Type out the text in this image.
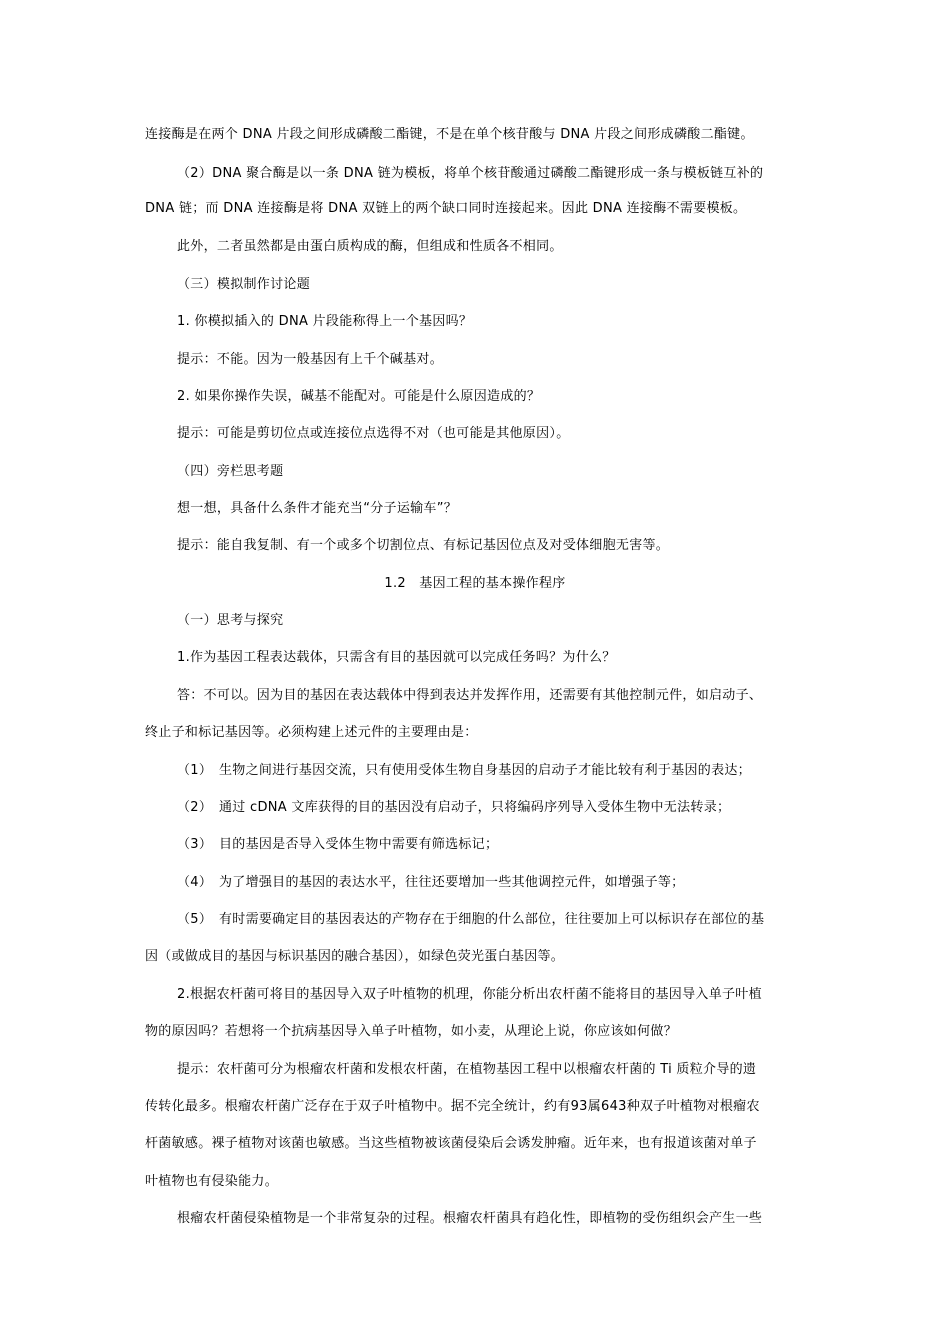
连接酶是在两个 DNA 片段之间形成磷酸二酯键，不是在单个核苷酸与 DNA 片段之间形成磷酸二酯键。
（2）DNA 聚合酶是以一条 DNA 链为模板，将单个核苷酸通过磷酸二酯键形成一条与模板链互补的
DNA 链；而 DNA 连接酶是将 DNA 双链上的两个缺口同时连接起来。因此 DNA 连接酶不需要模板。
此外，二者虽然都是由蛋白质构成的酶，但组成和性质各不相同。
（三）模拟制作讨论题
1. 你模拟插入的 DNA 片段能称得上一个基因吗？
提示：不能。因为一般基因有上千个碱基对。
2. 如果你操作失误，碱基不能配对。可能是什么原因造成的？
提示：可能是剪切位点或连接位点选得不对（也可能是其他原因）。
（四）旁栏思考题
想一想，具备什么条件才能充当“分子运输车”？
提示：能自我复制、有一个或多个切割位点、有标记基因位点及对受体细胞无害等。
1.2　基因工程的基本操作程序
（一）思考与探究
1.作为基因工程表达载体，只需含有目的基因就可以完成任务吗？为什么？
答：不可以。因为目的基因在表达载体中得到表达并发挥作用，还需要有其他控制元件，如启动子、
终止子和标记基因等。必须构建上述元件的主要理由是：
（1）　生物之间进行基因交流，只有使用受体生物自身基因的启动子才能比较有利于基因的表达；
（2）　通过 cDNA 文库获得的目的基因没有启动子，只将编码序列导入受体生物中无法转录；
（3）　目的基因是否导入受体生物中需要有筛选标记；
（4）　为了增强目的基因的表达水平，往往还要增加一些其他调控元件，如增强子等；
（5）　有时需要确定目的基因表达的产物存在于细胞的什么部位，往往要加上可以标识存在部位的基
因（或做成目的基因与标识基因的融合基因），如绿色荧光蛋白基因等。
2.根据农杆菌可将目的基因导入双子叶植物的机理，你能分析出农杆菌不能将目的基因导入单子叶植
物的原因吗？若想将一个抗病基因导入单子叶植物，如小麦，从理论上说，你应该如何做？
提示：农杆菌可分为根瘤农杆菌和发根农杆菌，在植物基因工程中以根瘤农杆菌的 Ti 质粒介导的遗
传转化最多。根瘤农杆菌广泛存在于双子叶植物中。据不完全统计，约有93属643种双子叶植物对根瘤农
杆菌敏感。裸子植物对该菌也敏感。当这些植物被该菌侵染后会诱发肿瘤。近年来，也有报道该菌对单子
叶植物也有侵染能力。
根瘤农杆菌侵染植物是一个非常复杂的过程。根瘤农杆菌具有趋化性，即植物的受伤组织会产生一些
